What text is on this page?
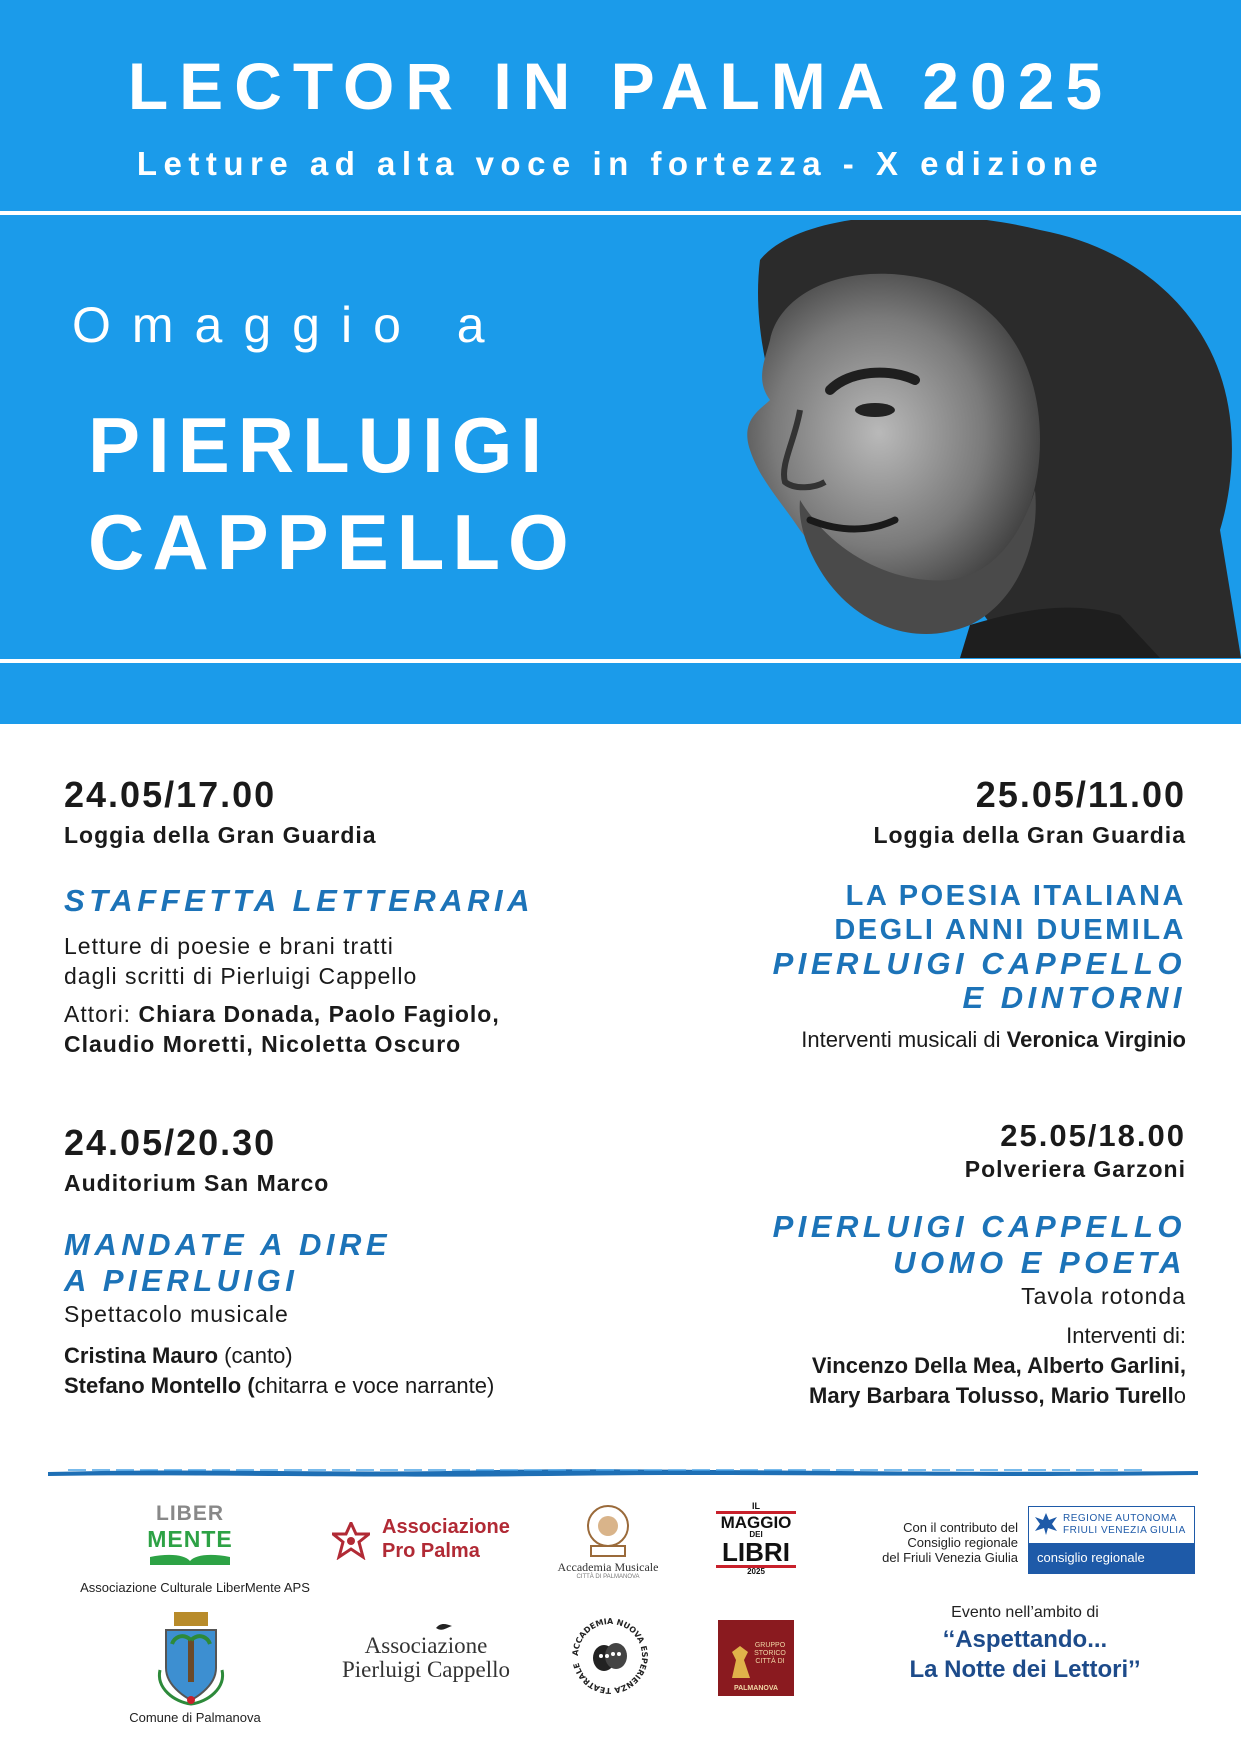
LECTOR IN PALMA 2025
Letture ad alta voce in fortezza - X edizione
Omaggio a
PIERLUIGI
CAPPELLO
24.05/17.00
Loggia della Gran Guardia
STAFFETTA LETTERARIA
Letture di poesie e brani tratti
dagli scritti di Pierluigi Cappello
Attori: Chiara Donada, Paolo Fagiolo,
Claudio Moretti, Nicoletta Oscuro
25.05/11.00
Loggia della Gran Guardia
LA POESIA ITALIANA
DEGLI ANNI DUEMILA
PIERLUIGI CAPPELLO
E DINTORNI
Interventi musicali di Veronica Virginio
24.05/20.30
Auditorium San Marco
MANDATE A DIRE
A PIERLUIGI
Spettacolo musicale
Cristina Mauro (canto)
Stefano Montello (chitarra e voce narrante)
25.05/18.00
Polveriera Garzoni
PIERLUIGI CAPPELLO
UOMO E POETA
Tavola rotonda
Interventi di:
Vincenzo Della Mea, Alberto Garlini,
Mary Barbara Tolusso, Mario Turello
LIBER
MENTE
Associazione Culturale LiberMente APS
Associazione
Pro Palma
Accademia Musicale
CITTÀ DI PALMANOVA
IL
MAGGIO
DEI
LIBRI
2025
Con il contributo del
Consiglio regionale
del Friuli Venezia Giulia
REGIONE AUTONOMA
FRIULI VENEZIA GIULIA
consiglio regionale
Comune di Palmanova
Associazione
Pierluigi Cappello
ACCADEMIA NUOVA ESPERIENZA TEATRALE
GRUPPO
STORICO
CITTÀ DI
PALMANOVA
Evento nell’ambito di
‘‘Aspettando...
La Notte dei Lettori’’
